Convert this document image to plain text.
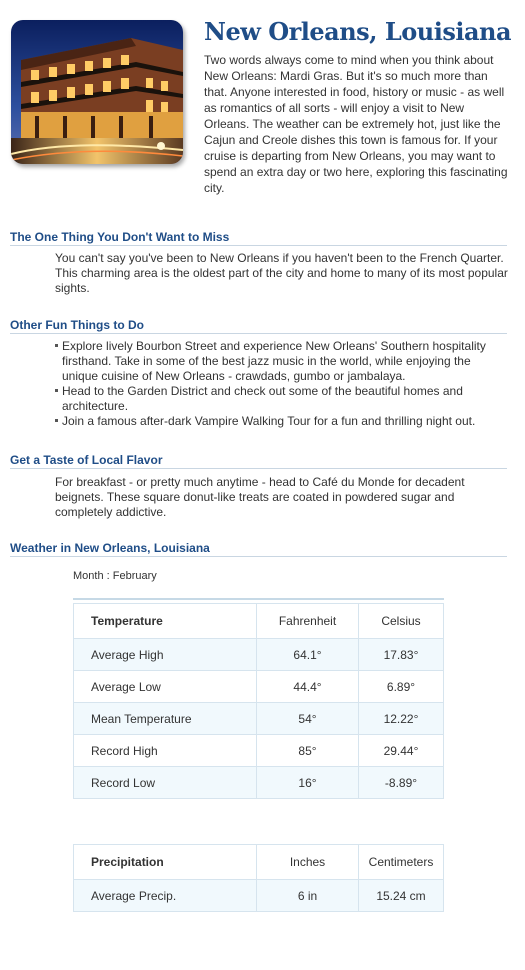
New Orleans, Louisiana

Two words always come to mind when you think about New Orleans: Mardi Gras. But it's so much more than that. Anyone interested in food, history or music - as well as romantics of all sorts - will enjoy a visit to New Orleans. The weather can be extremely hot, just like the Cajun and Creole dishes this town is famous for. If your cruise is departing from New Orleans, you may want to spend an extra day or two here, exploring this fascinating city.

The One Thing You Don't Want to Miss

You can't say you've been to New Orleans if you haven't been to the French Quarter. This charming area is the oldest part of the city and home to many of its most popular sights.

Other Fun Things to Do
Explore lively Bourbon Street and experience New Orleans' Southern hospitality firsthand. Take in some of the best jazz music in the world, while enjoying the unique cuisine of New Orleans - crawdads, gumbo or jambalaya.
Head to the Garden District and check out some of the beautiful homes and architecture.
Join a famous after-dark Vampire Walking Tour for a fun and thrilling night out.
Get a Taste of Local Flavor

For breakfast - or pretty much anytime - head to Café du Monde for decadent beignets. These square donut-like treats are coated in powdered sugar and completely addictive.

Weather in New Orleans, Louisiana
Month : February
Temperature	Fahrenheit	Celsius
Average High	64.1°	17.83°
Average Low	44.4°	6.89°
Mean Temperature	54°	12.22°
Record High	85°	29.44°
Record Low	16°	-8.89°
Precipitation	Inches	Centimeters
Average Precip.	6 in	15.24 cm
